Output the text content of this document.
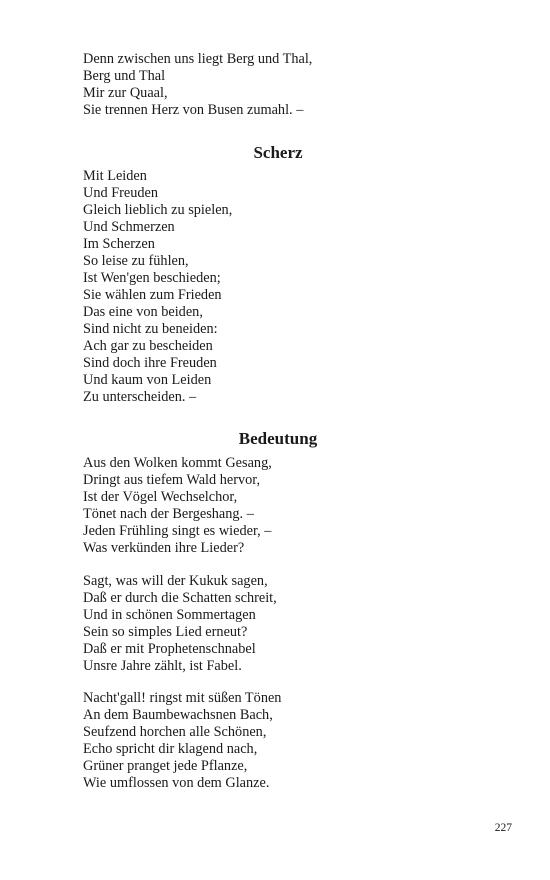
Denn zwischen uns liegt Berg und Thal,
Berg und Thal
Mir zur Quaal,
Sie trennen Herz von Busen zumahl. –
Scherz
Mit Leiden
Und Freuden
Gleich lieblich zu spielen,
Und Schmerzen
Im Scherzen
So leise zu fühlen,
Ist Wen'gen beschieden;
Sie wählen zum Frieden
Das eine von beiden,
Sind nicht zu beneiden:
Ach gar zu bescheiden
Sind doch ihre Freuden
Und kaum von Leiden
Zu unterscheiden. –
Bedeutung
Aus den Wolken kommt Gesang,
Dringt aus tiefem Wald hervor,
Ist der Vögel Wechselchor,
Tönet nach der Bergeshang. –
Jeden Frühling singt es wieder, –
Was verkünden ihre Lieder?
Sagt, was will der Kukuk sagen,
Daß er durch die Schatten schreit,
Und in schönen Sommertagen
Sein so simples Lied erneut?
Daß er mit Prophetenschnabel
Unsre Jahre zählt, ist Fabel.
Nacht'gall! ringst mit süßen Tönen
An dem Baumbewachsnen Bach,
Seufzend horchen alle Schönen,
Echo spricht dir klagend nach,
Grüner pranget jede Pflanze,
Wie umflossen von dem Glanze.
227
